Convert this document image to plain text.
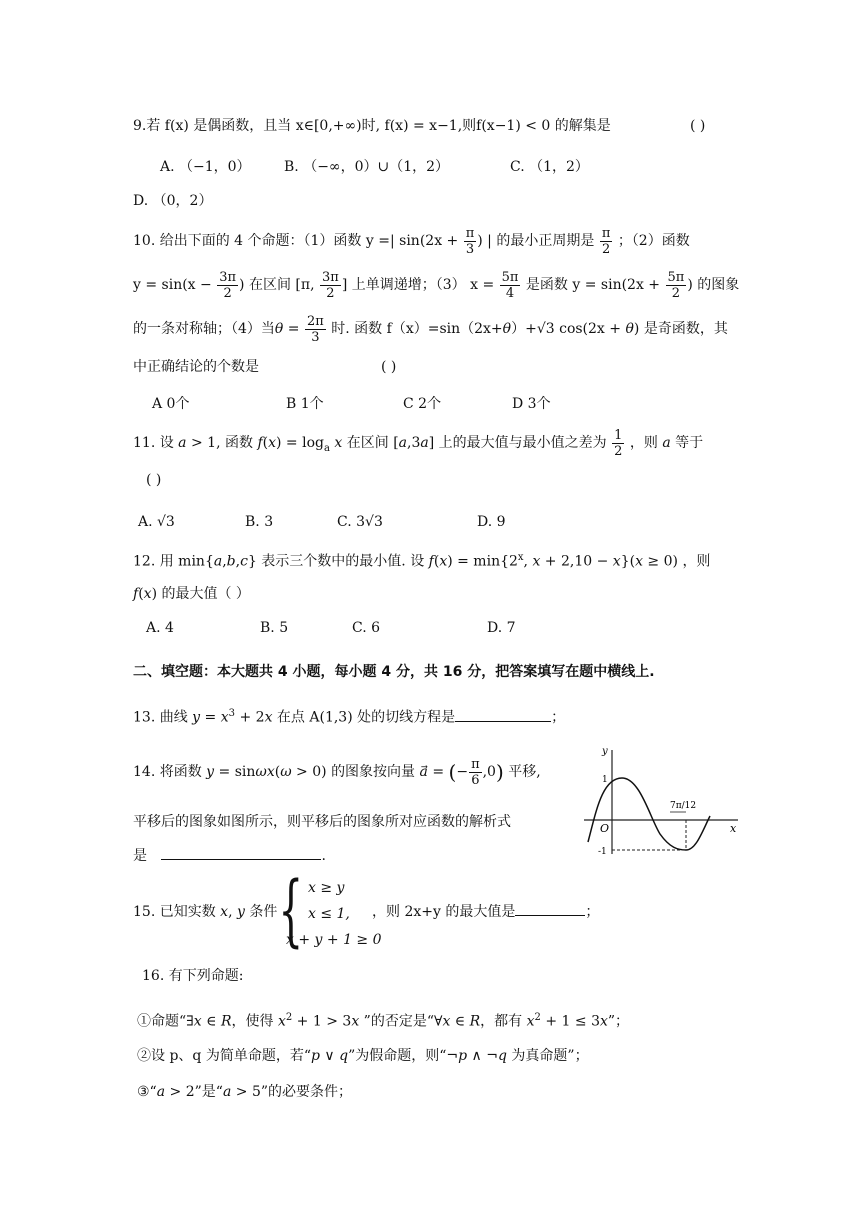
9.若 f(x) 是偶函数，且当 x∈[0,+∞)时, f(x) = x−1,则f(x−1) < 0 的解集是	( )
A. （−1，0） B. （−∞，0）∪（1，2）	C. （1，2）
D. （0，2）
10. 给出下面的 4 个命题：（1）函数 y =| $\sin(2x + \frac{\pi}{3}$ ) | 的最小正周期是 $\frac{\pi}{2}$ ；（2）函数
$y = \sin(x - \frac{3\pi}{2}$ ) 在区间 [π, $\frac{3\pi}{2}$ ] 上单调递增；（3） $x = \frac{5\pi}{4}$ 是函数 $y = \sin(2x + \frac{5\pi}{2}$ ) 的图象
的一条对称轴；（4）当$\theta = \frac{2\pi}{3}$ 时. 函数 f（x）=sin（2x+θ）+√3 cos(2x + θ) 是奇函数，其
中正确结论的个数是	( )
A 0个	B 1个	C 2个	D 3个
11. 设 a > 1, 函数 $f(x) = \log_a x$ 在区间 [a,3a] 上的最大值与最小值之差为 $\frac{1}{2}$ ，则 a 等于
( )
A. √3	B. 3	C. 3√3	D. 9
12. 用 min{a,b,c} 表示三个数中的最小值. 设 $f(x) = \min\{2^x$, x + 2,10 − x}(x ≥ 0) ，则
f(x) 的最大值（ ）
A. 4	B. 5	C. 6	D. 7
二、填空题：本大题共 4 小题，每小题 4 分，共 16 分，把答案填写在题中横线上.
13. 曲线 $y = x^3 + 2x$ 在点 A(1,3) 处的切线方程是	；
14. 将函数 y = sinωx(ω > 0) 的图象按向量 a⃗ = (− $\frac{\pi}{6} ,0$) 平移,
平移后的图象如图所示，则平移后的图象所对应函数的解析式
是	.
y
x
O
1
-1
7π/12
15. 已知实数 x, y 条件 { x ≥ y
x ≤ 1,
x + y + 1 ≥ 0
，则 2x+y 的最大值是	；
16. 有下列命题:
①命题“∃x ∈ R，使得 $x^2 + 1 > 3x$ ”的否定是“∀x ∈ R，都有 $x^2 + 1 \le 3x$”；
②设 p、q 为简单命题，若“p ∨ q”为假命题，则“¬p ∧ ¬q 为真命题”；
③“a > 2”是“a > 5”的必要条件；
